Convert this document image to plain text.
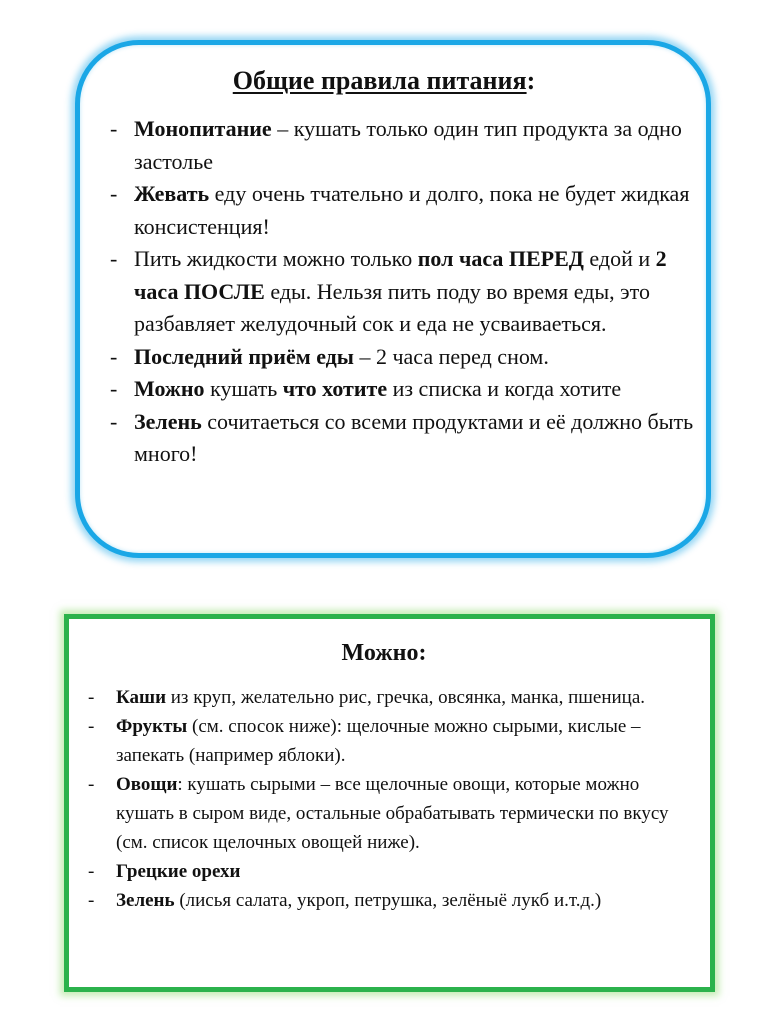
Общие правила питания:
- Монопитание – кушать только один тип продукта за одно застолье
- Жевать еду очень тчательно и долго, пока не будет жидкая консистенция!
- Пить жидкости можно только пол часа ПЕРЕД едой и 2 часа ПОСЛЕ еды. Нельзя пить поду во время еды, это разбавляет желудочный сок и еда не усваиваеться.
- Последний приём еды – 2 часа перед сном.
- Можно кушать что хотите из списка и когда хотите
- Зелень сочитаеться со всеми продуктами и её должно быть много!
Можно:
- Каши из круп, желательно рис, гречка, овсянка, манка, пшеница.
- Фрукты (см. спосок ниже): щелочные можно сырыми, кислые – запекать (например яблоки).
- Овощи: кушать сырыми – все щелочные овощи, которые можно кушать в сыром виде, остальные обрабатывать термически по вкусу (см. список щелочных овощей ниже).
- Грецкие орехи
- Зелень (лисья салата, укроп, петрушка, зелёныё лукб и.т.д.)
